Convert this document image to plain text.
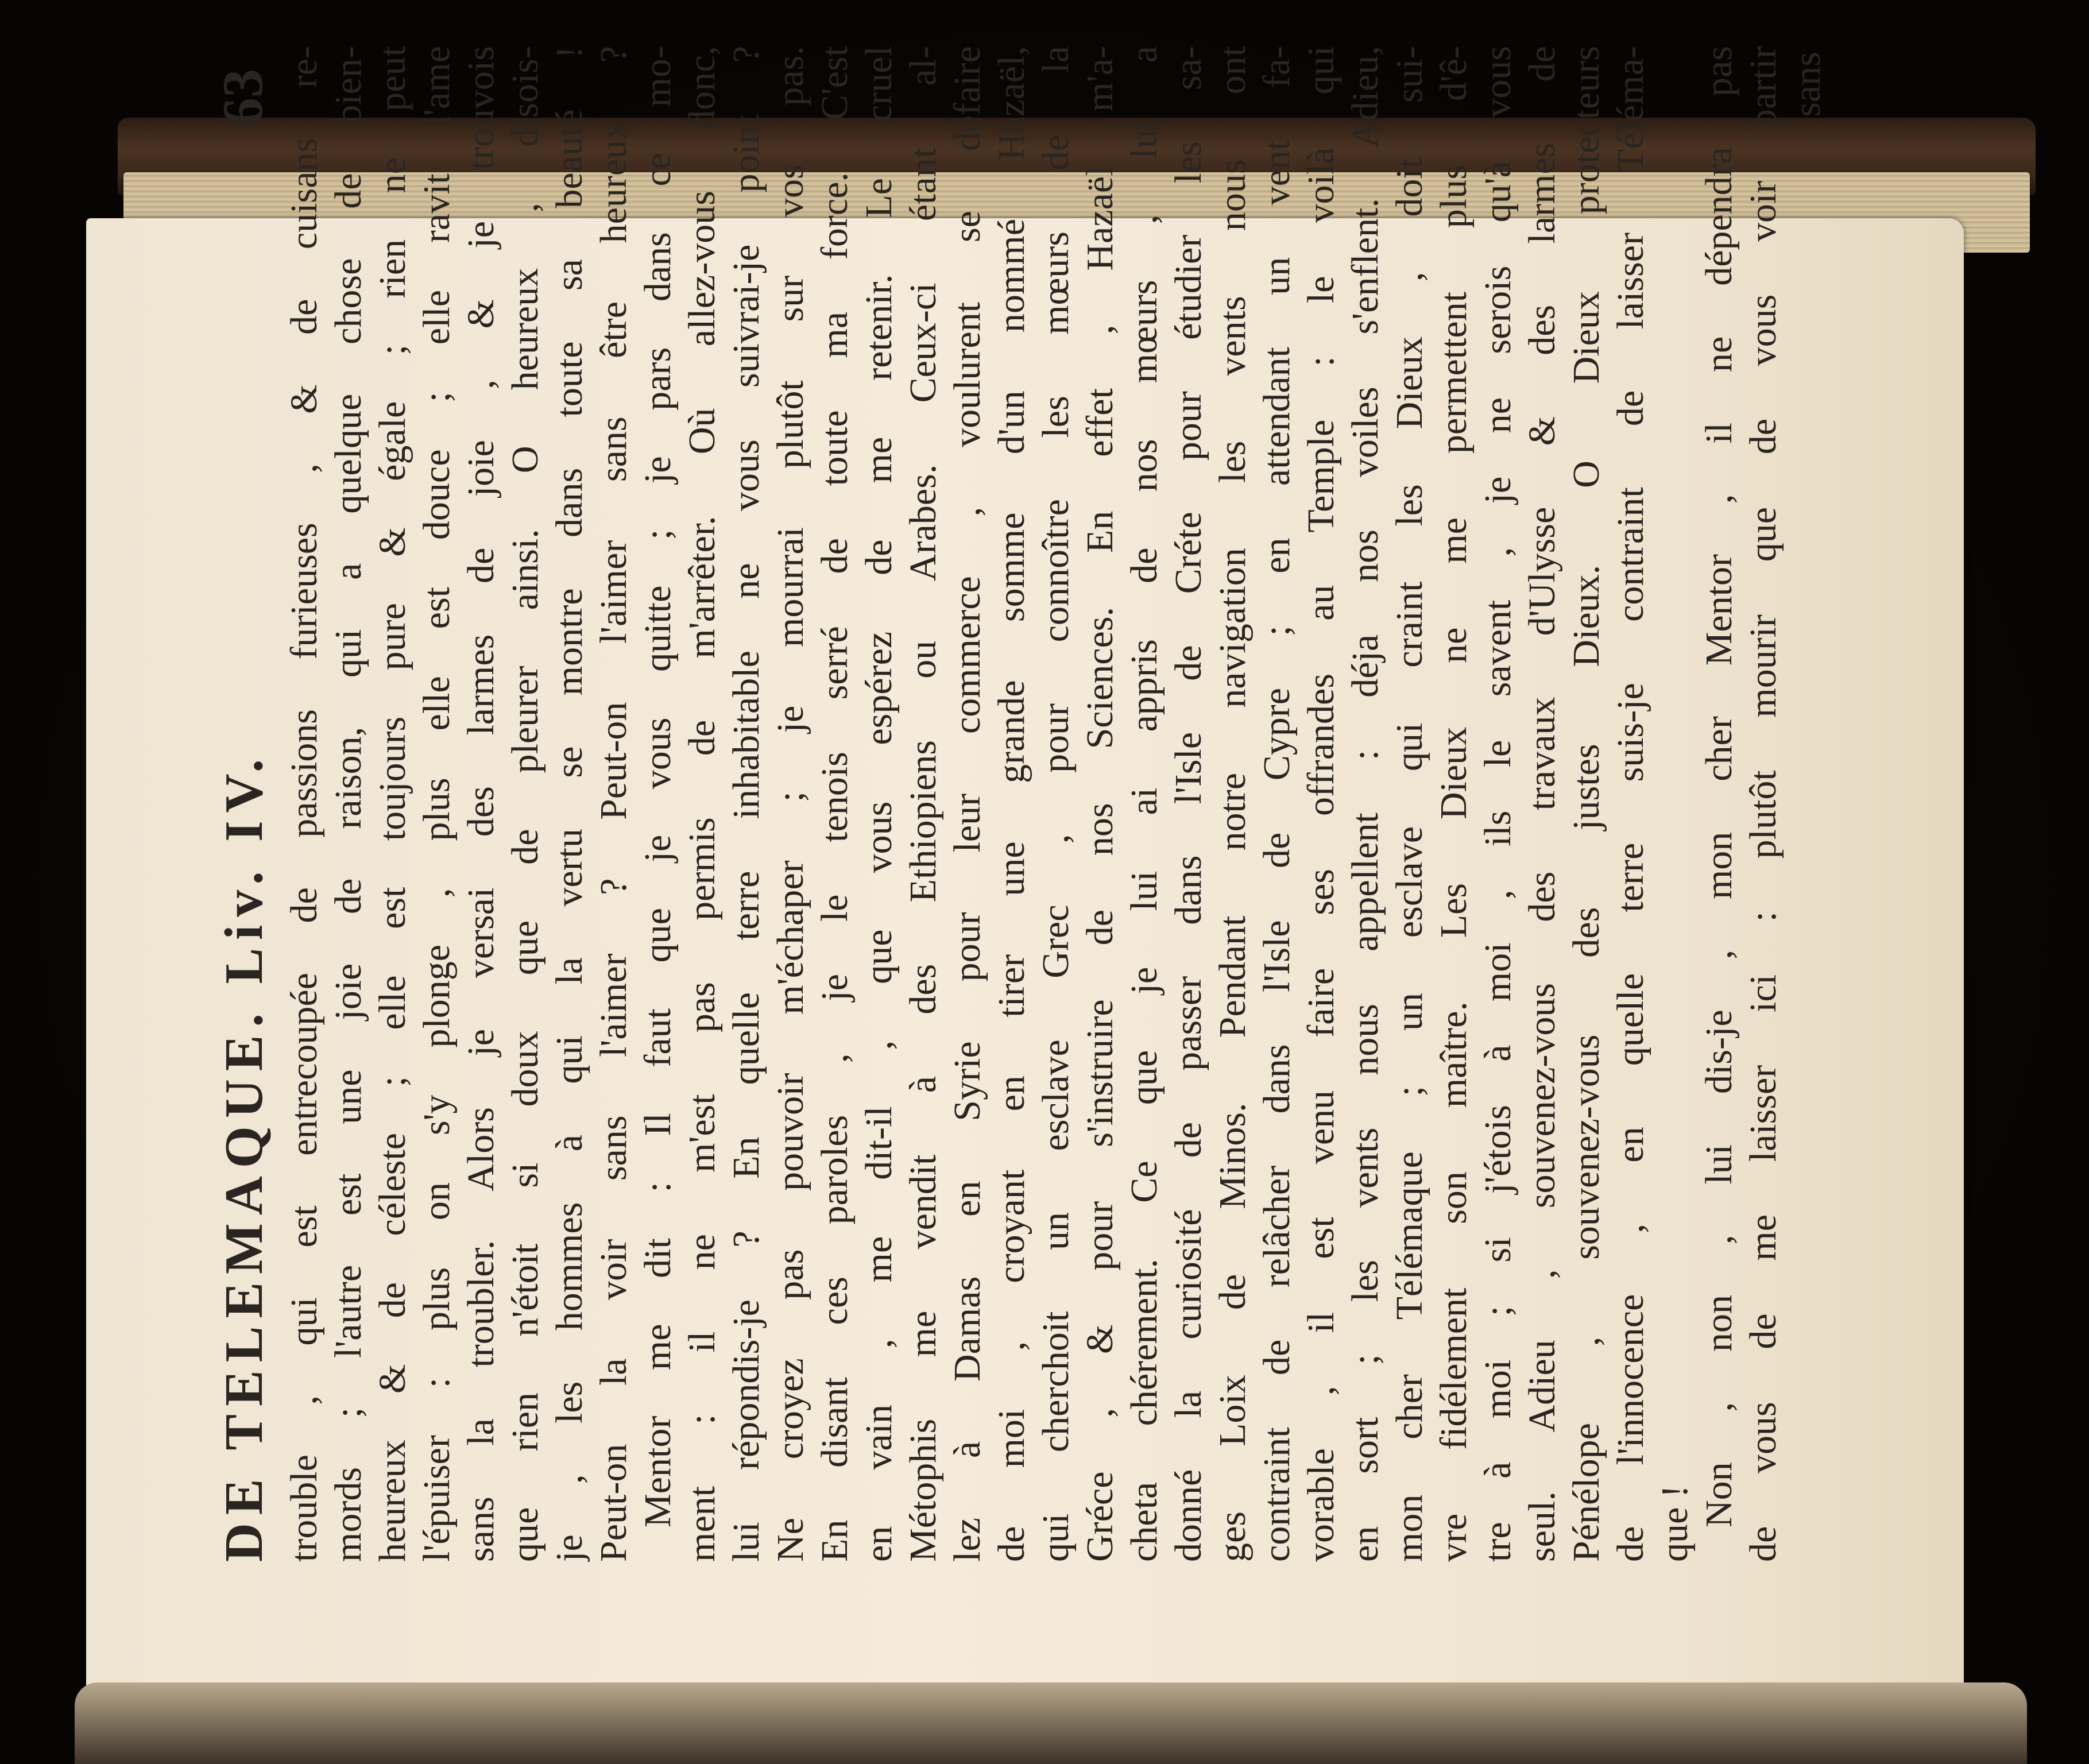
DE TELEMAQUE. Liv. IV.
63 trouble , qui est entrecoupée de passions furieuses , & de cuisans re- mords ; l'autre est une joie de raison, qui a quelque chose de bien- heureux & de céleste ; elle est toujours pure & égale ; rien ne peut l'épuiser : plus on s'y plonge , plus elle est douce ; elle ravit l'ame sans la troubler. Alors je versai des larmes de joie , & je trouvois que rien n'étoit si doux que de pleurer ainsi. O heureux , disois- je , les hommes à qui la vertu se montre dans toute sa beauté ! Peut-on la voir sans l'aimer ? Peut-on l'aimer sans être heureux ? Mentor me dit : Il faut que je vous quitte ; je pars dans ce mo- ment : il ne m'est pas permis de m'arrêter. Où allez-vous donc, lui répondis-je ? En quelle terre inhabitable ne vous suivrai-je point ? Ne croyez pas pouvoir m'échaper ; je mourrai plutôt sur vos pas. En disant ces paroles , je le tenois serré de toute ma force. C'est en vain , me dit-il , que vous espérez de me retenir. Le cruel Métophis me vendit à des Ethiopiens ou Arabes. Ceux-ci étant al- lez à Damas en Syrie pour leur commerce , voulurent se défaire de moi , croyant en tirer une grande somme d'un nommé Hazaël, qui cherchoit un esclave Grec , pour connoître les mœurs de la Gréce , & pour s'instruire de nos Sciences. En effet , Hazaël m'a- cheta chérement. Ce que je lui ai appris de nos mœurs , lui a donné la curiosité de passer dans l'Isle de Créte pour étudier les sa- ges Loix de Minos. Pendant notre navigation les vents nous ont contraint de relâcher dans l'Isle de Cypre ; en attendant un vent fa- vorable , il est venu faire ses offrandes au Temple : le voilà qui en sort ; les vents nous appellent : déja nos voiles s'enflent. Adieu, mon cher Télémaque ; un esclave qui craint les Dieux , doit sui- vre fidélement son maître. Les Dieux ne me permettent plus d'ê- tre à moi ; si j'étois à moi , ils le savent , je ne serois qu'à vous seul. Adieu , souvenez-vous des travaux d'Ulysse & des larmes de Pénélope , souvenez-vous des justes Dieux. O Dieux protecteurs de l'innocence , en quelle terre suis-je contraint de laisser Téléma- que ! Non , non , lui dis-je , mon cher Mentor , il ne dépendra pas de vous de me laisser ici : plutôt mourir que de vous voir partir sans
